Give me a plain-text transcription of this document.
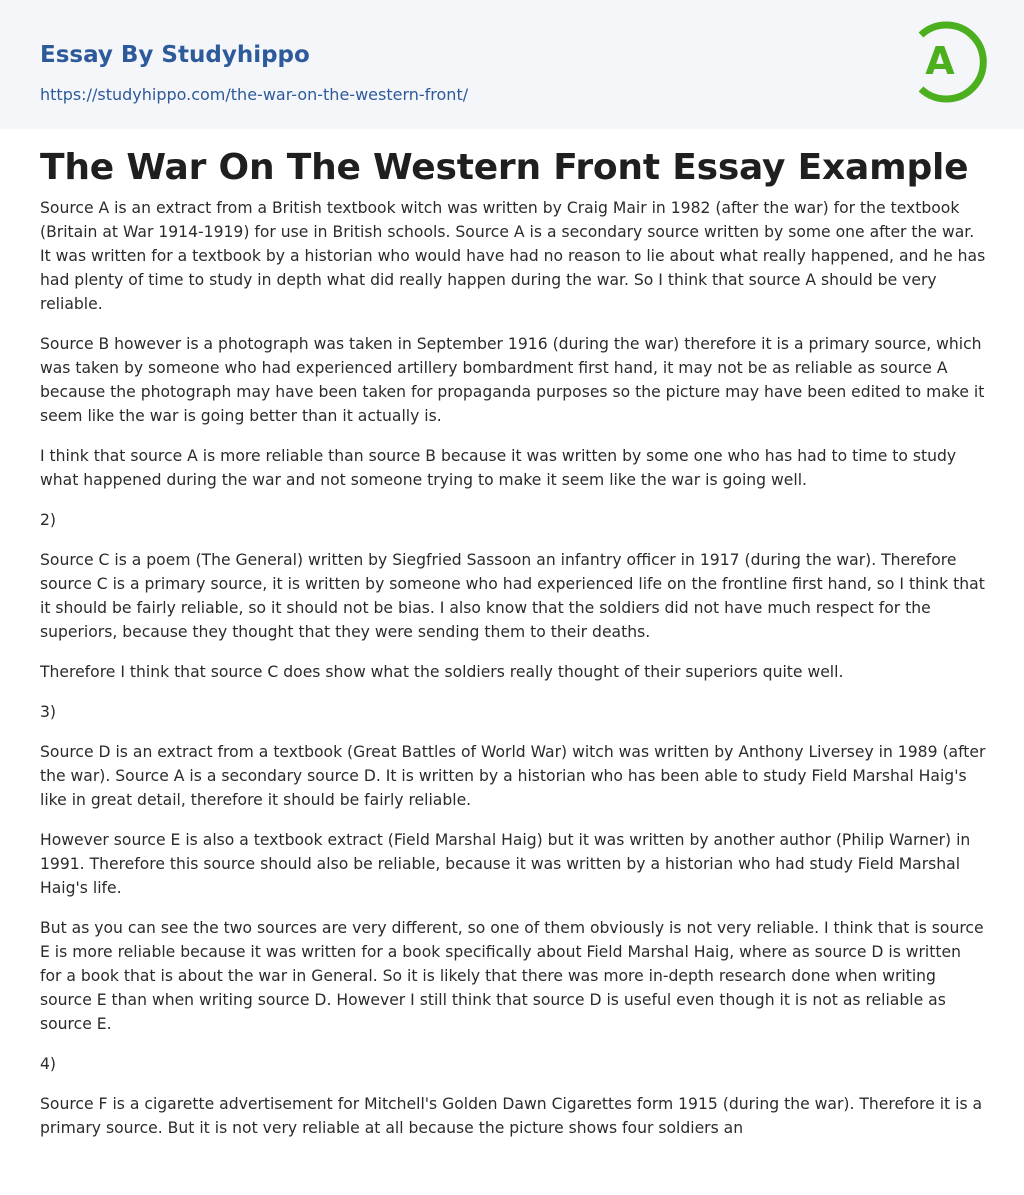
Essay By Studyhippo
https://studyhippo.com/the-war-on-the-western-front/
A
The War On The Western Front Essay Example

Source A is an extract from a British textbook witch was written by Craig Mair in 1982 (after the war) for the textbook (Britain at War 1914-1919) for use in British schools. Source A is a secondary source written by some one after the war. It was written for a textbook by a historian who would have had no reason to lie about what really happened, and he has had plenty of time to study in depth what did really happen during the war. So I think that source A should be very reliable.

Source B however is a photograph was taken in September 1916 (during the war) therefore it is a primary source, which was taken by someone who had experienced artillery bombardment first hand, it may not be as reliable as source A because the photograph may have been taken for propaganda purposes so the picture may have been edited to make it seem like the war is going better than it actually is.

I think that source A is more reliable than source B because it was written by some one who has had to time to study what happened during the war and not someone trying to make it seem like the war is going well.

2)

Source C is a poem (The General) written by Siegfried Sassoon an infantry officer in 1917 (during the war). Therefore source C is a primary source, it is written by someone who had experienced life on the frontline first hand, so I think that it should be fairly reliable, so it should not be bias. I also know that the soldiers did not have much respect for the superiors, because they thought that they were sending them to their deaths.

Therefore I think that source C does show what the soldiers really thought of their superiors quite well.

3)

Source D is an extract from a textbook (Great Battles of World War) witch was written by Anthony Liversey in 1989 (after the war). Source A is a secondary source D. It is written by a historian who has been able to study Field Marshal Haig's like in great detail, therefore it should be fairly reliable.

However source E is also a textbook extract (Field Marshal Haig) but it was written by another author (Philip Warner) in 1991. Therefore this source should also be reliable, because it was written by a historian who had study Field Marshal Haig's life.

But as you can see the two sources are very different, so one of them obviously is not very reliable. I think that is source E is more reliable because it was written for a book specifically about Field Marshal Haig, where as source D is written for a book that is about the war in General. So it is likely that there was more in-depth research done when writing source E than when writing source D. However I still think that source D is useful even though it is not as reliable as source E.

4)

Source F is a cigarette advertisement for Mitchell's Golden Dawn Cigarettes form 1915 (during the war). Therefore it is a primary source. But it is not very reliable at all because the picture shows four soldiers an
